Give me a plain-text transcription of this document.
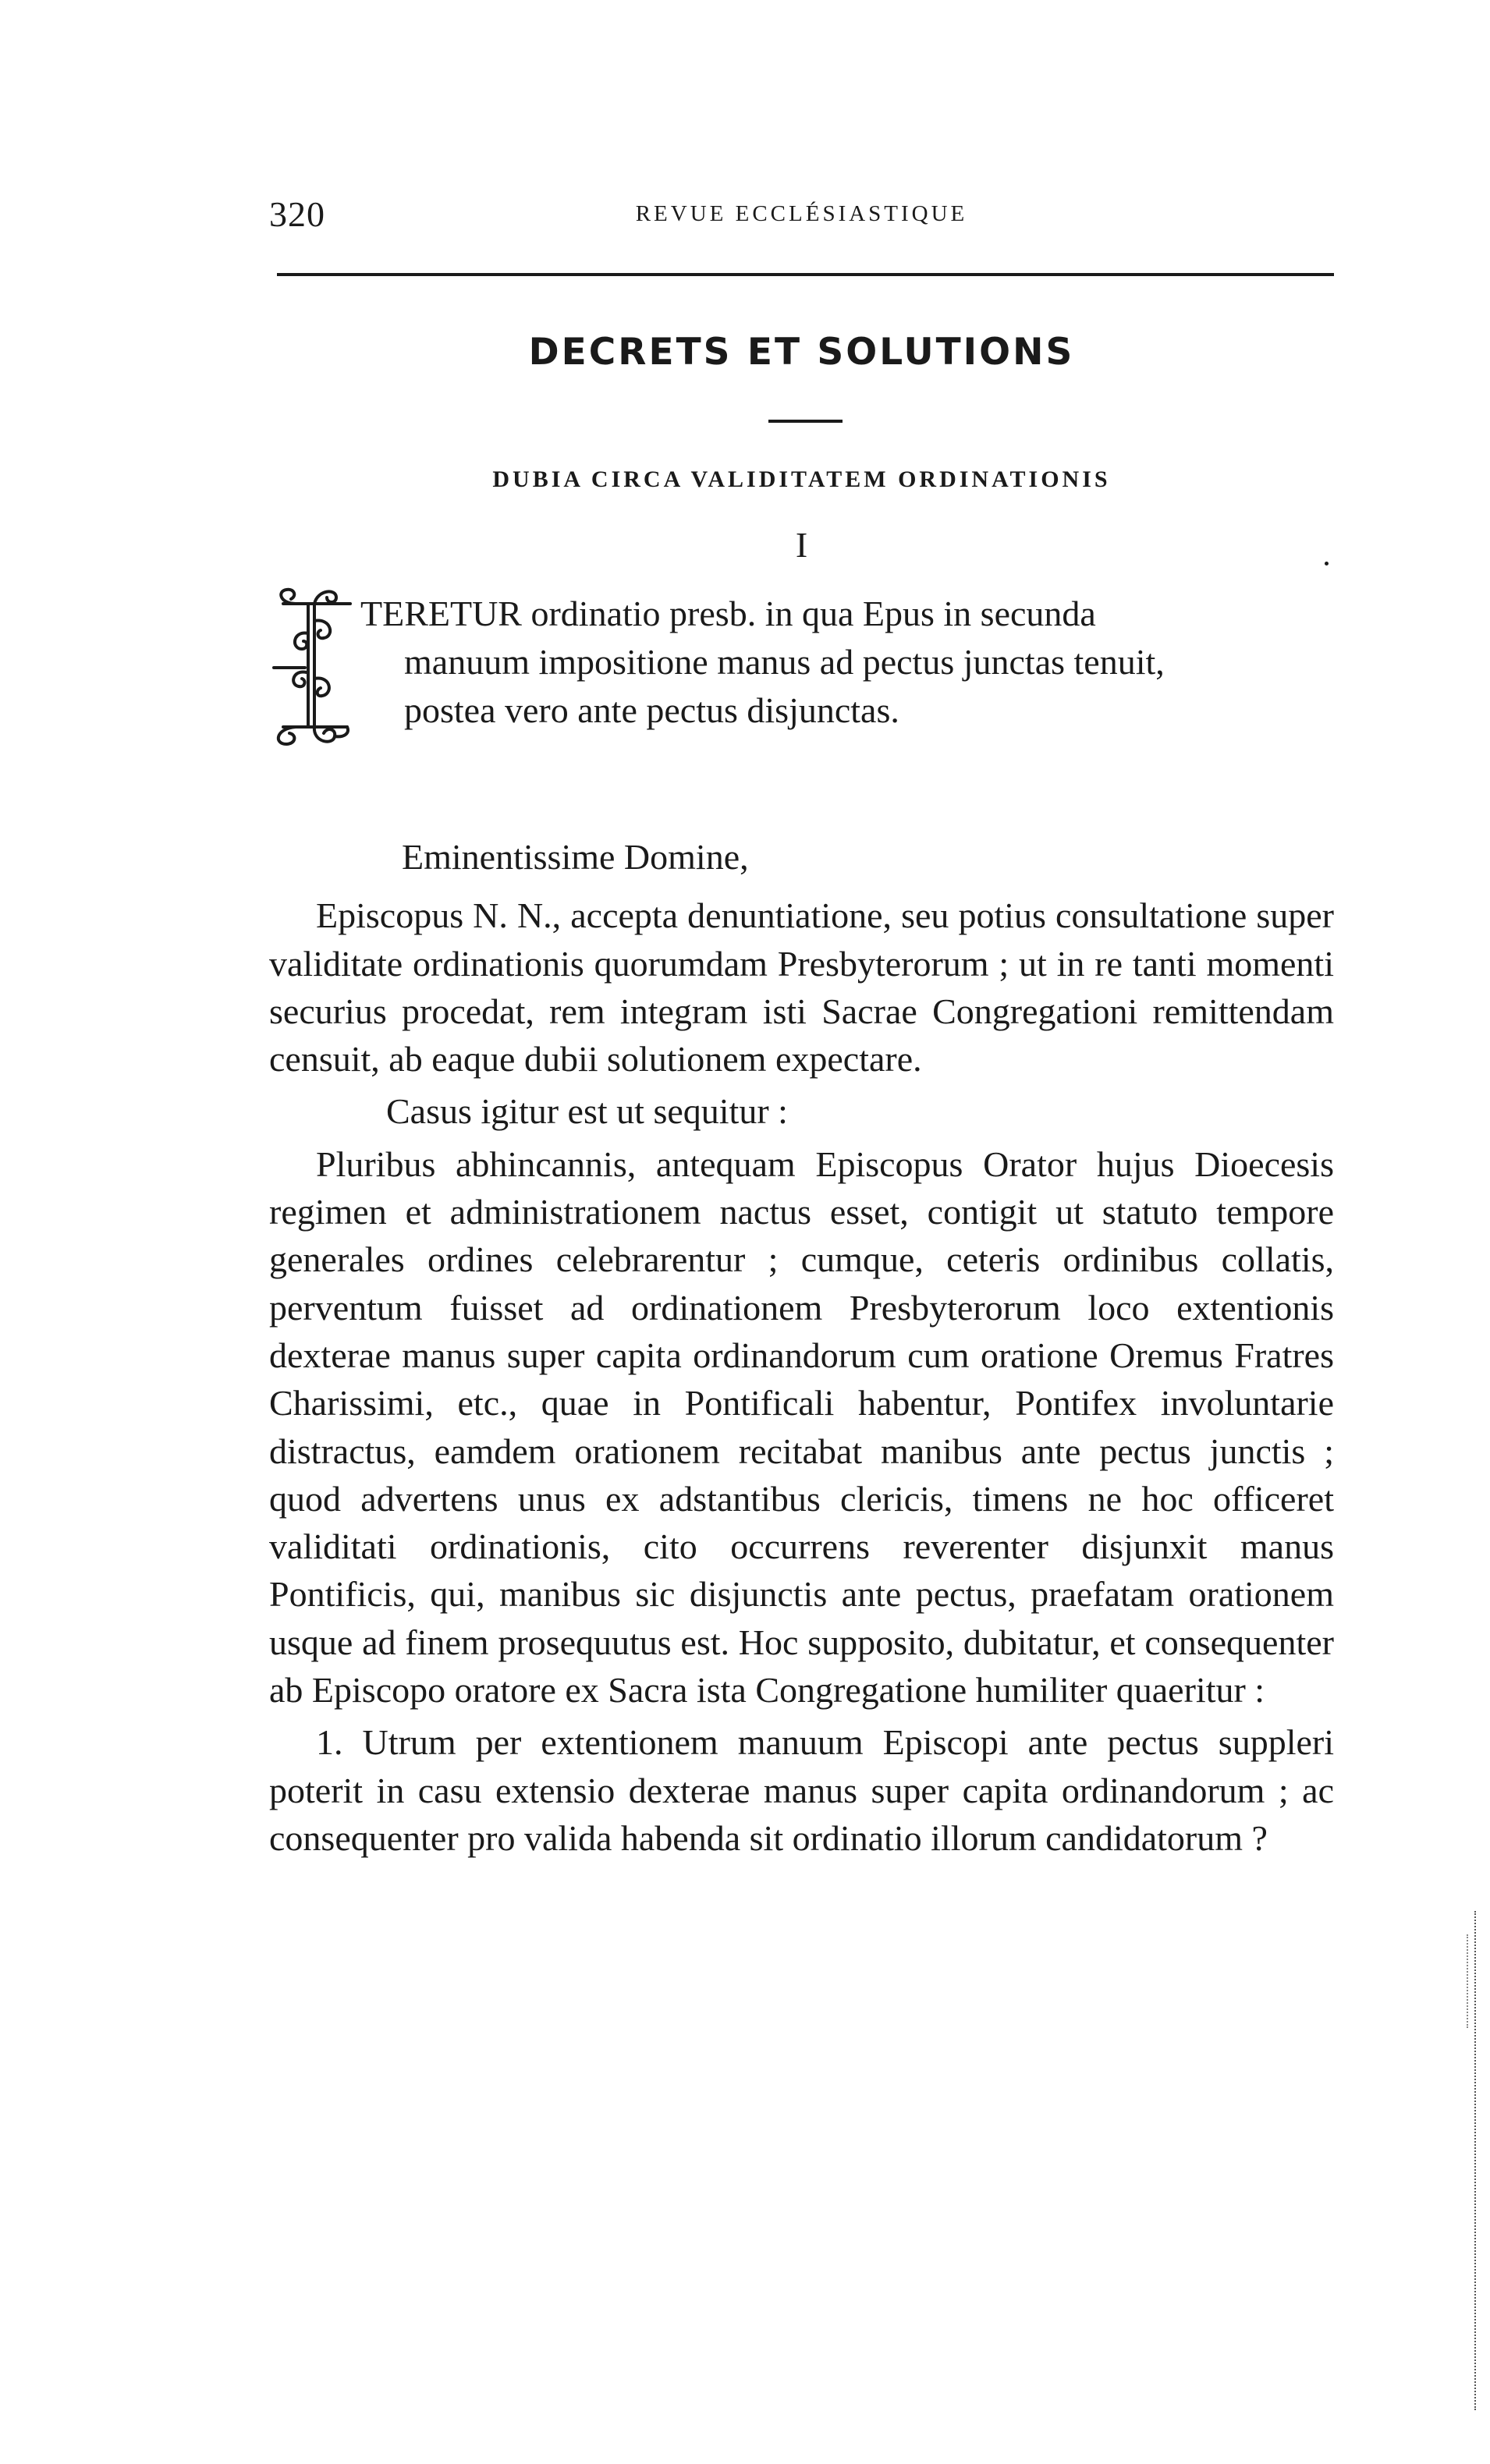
320	REVUE ECCLÉSIASTIQUE
DECRETS ET SOLUTIONS
DUBIA CIRCA VALIDITATEM ORDINATIONIS
I
TERETUR ordinatio presb. in qua Epus in secunda
manuum impositione manus ad pectus junctas tenuit,
postea vero ante pectus disjunctas.

Eminentissime Domine,

Episcopus N. N., accepta denuntiatione, seu potius consultatione super validitate ordinationis quorumdam Presbyterorum ; ut in re tanti momenti securius procedat, rem integram isti Sacrae Congregationi remittendam censuit, ab eaque dubii solutionem expectare.

Casus igitur est ut sequitur :

Pluribus abhincannis, antequam Episcopus Orator hujus Dioecesis regimen et administrationem nactus esset, contigit ut statuto tempore generales ordines celebrarentur ; cumque, ceteris ordinibus collatis, perventum fuisset ad ordinationem Presbyterorum loco extentionis dexterae manus super capita ordinandorum cum oratione Oremus Fratres Charissimi, etc., quae in Pontificali habentur, Pontifex involuntarie distractus, eamdem orationem recitabat manibus ante pectus junctis ; quod advertens unus ex adstantibus clericis, timens ne hoc officeret validitati ordinationis, cito occurrens reverenter disjunxit manus Pontificis, qui, manibus sic disjunctis ante pectus, praefatam orationem usque ad finem prosequutus est. Hoc supposito, dubitatur, et consequenter ab Episcopo oratore ex Sacra ista Congregatione humiliter quaeritur :

1. Utrum per extentionem manuum Episcopi ante pectus suppleri poterit in casu extensio dexterae manus super capita ordinandorum ; ac consequenter pro valida habenda sit ordinatio illorum candidatorum ?
